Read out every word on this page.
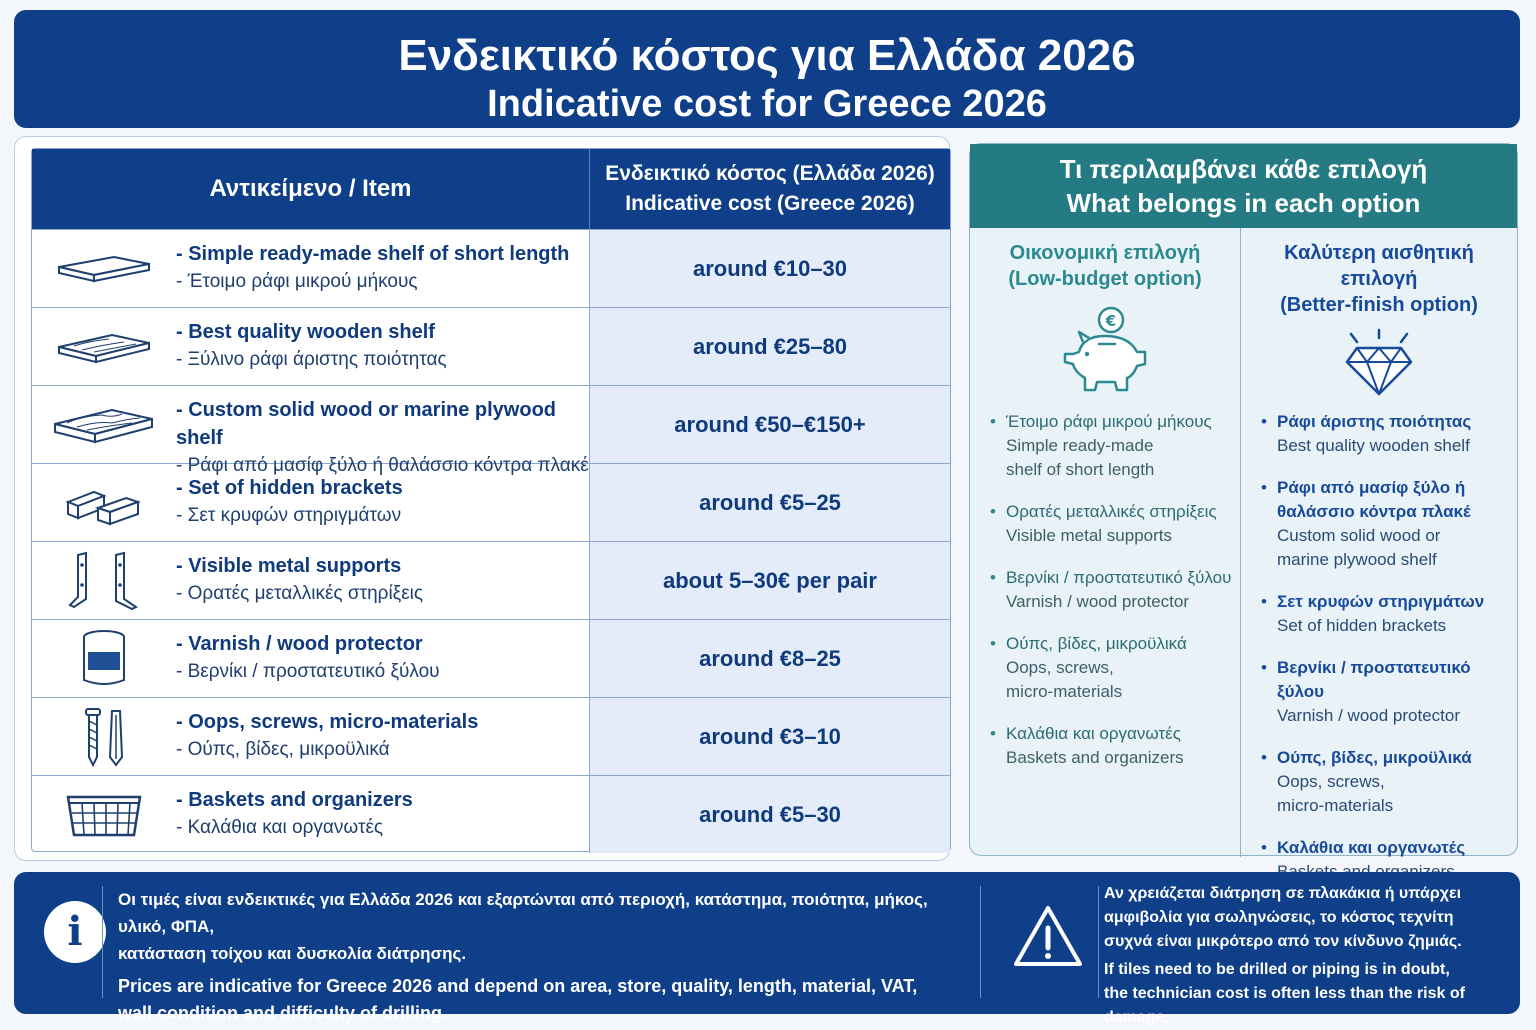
Ενδεικτικό κόστος για Ελλάδα 2026
Indicative cost for Greece 2026
Αντικείμενο / Item
Ενδεικτικό κόστος (Ελλάδα 2026)
Indicative cost (Greece 2026)
- Simple ready-made shelf of short length
- Έτοιμο ράφι μικρού μήκους
around €10–30
- Best quality wooden shelf
- Ξύλινο ράφι άριστης ποιότητας
around €25–80
- Custom solid wood or marine plywood shelf
- Ράφι από μασίφ ξύλο ή θαλάσσιο κόντρα πλακέ
around €50–€150+
- Set of hidden brackets
- Σετ κρυφών στηριγμάτων
around €5–25
- Visible metal supports
- Ορατές μεταλλικές στηρίξεις
about 5–30€ per pair
- Varnish / wood protector
- Βερνίκι / προστατευτικό ξύλου
around €8–25
- Oops, screws, micro-materials
- Ούπς, βίδες, μικροϋλικά
around €3–10
- Baskets and organizers
- Καλάθια και οργανωτές
around €5–30
Τι περιλαμβάνει κάθε επιλογή
What belongs in each option
Οικονομική επιλογή
(Low-budget option)
€
• Έτοιμο ράφι μικρού μήκους
Simple ready-made
shelf of short length
• Ορατές μεταλλικές στηρίξεις
Visible metal supports
• Βερνίκι / προστατευτικό ξύλου
Varnish / wood protector
• Ούπς, βίδες, μικροϋλικά
Oops, screws,
micro-materials
• Καλάθια και οργανωτές
Baskets and organizers
Καλύτερη αισθητική
επιλογή
(Better-finish option)
• Ράφι άριστης ποιότητας
Best quality wooden shelf
• Ράφι από μασίφ ξύλο ή
θαλάσσιο κόντρα πλακέ
Custom solid wood or
marine plywood shelf
• Σετ κρυφών στηριγμάτων
Set of hidden brackets
• Βερνίκι / προστατευτικό ξύλου
Varnish / wood protector
• Ούπς, βίδες, μικροϋλικά
Oops, screws,
micro-materials
• Καλάθια και οργανωτές
i
Οι τιμές είναι ενδεικτικές για Ελλάδα 2026 και εξαρτώνται από περιοχή, κατάστημα, ποιότητα, μήκος, υλικό, ΦΠΑ,
κατάσταση τοίχου και δυσκολία διάτρησης.
Prices are indicative for Greece 2026 and depend on area, store, quality, length, material, VAT,
wall condition and difficulty of drilling.
Αν χρειάζεται διάτρηση σε πλακάκια ή υπάρχει
αμφιβολία για σωληνώσεις, το κόστος τεχνίτη
συχνά είναι μικρότερο από τον κίνδυνο ζημιάς.
If tiles need to be drilled or piping is in doubt,
the technician cost is often less than the risk of damage.
